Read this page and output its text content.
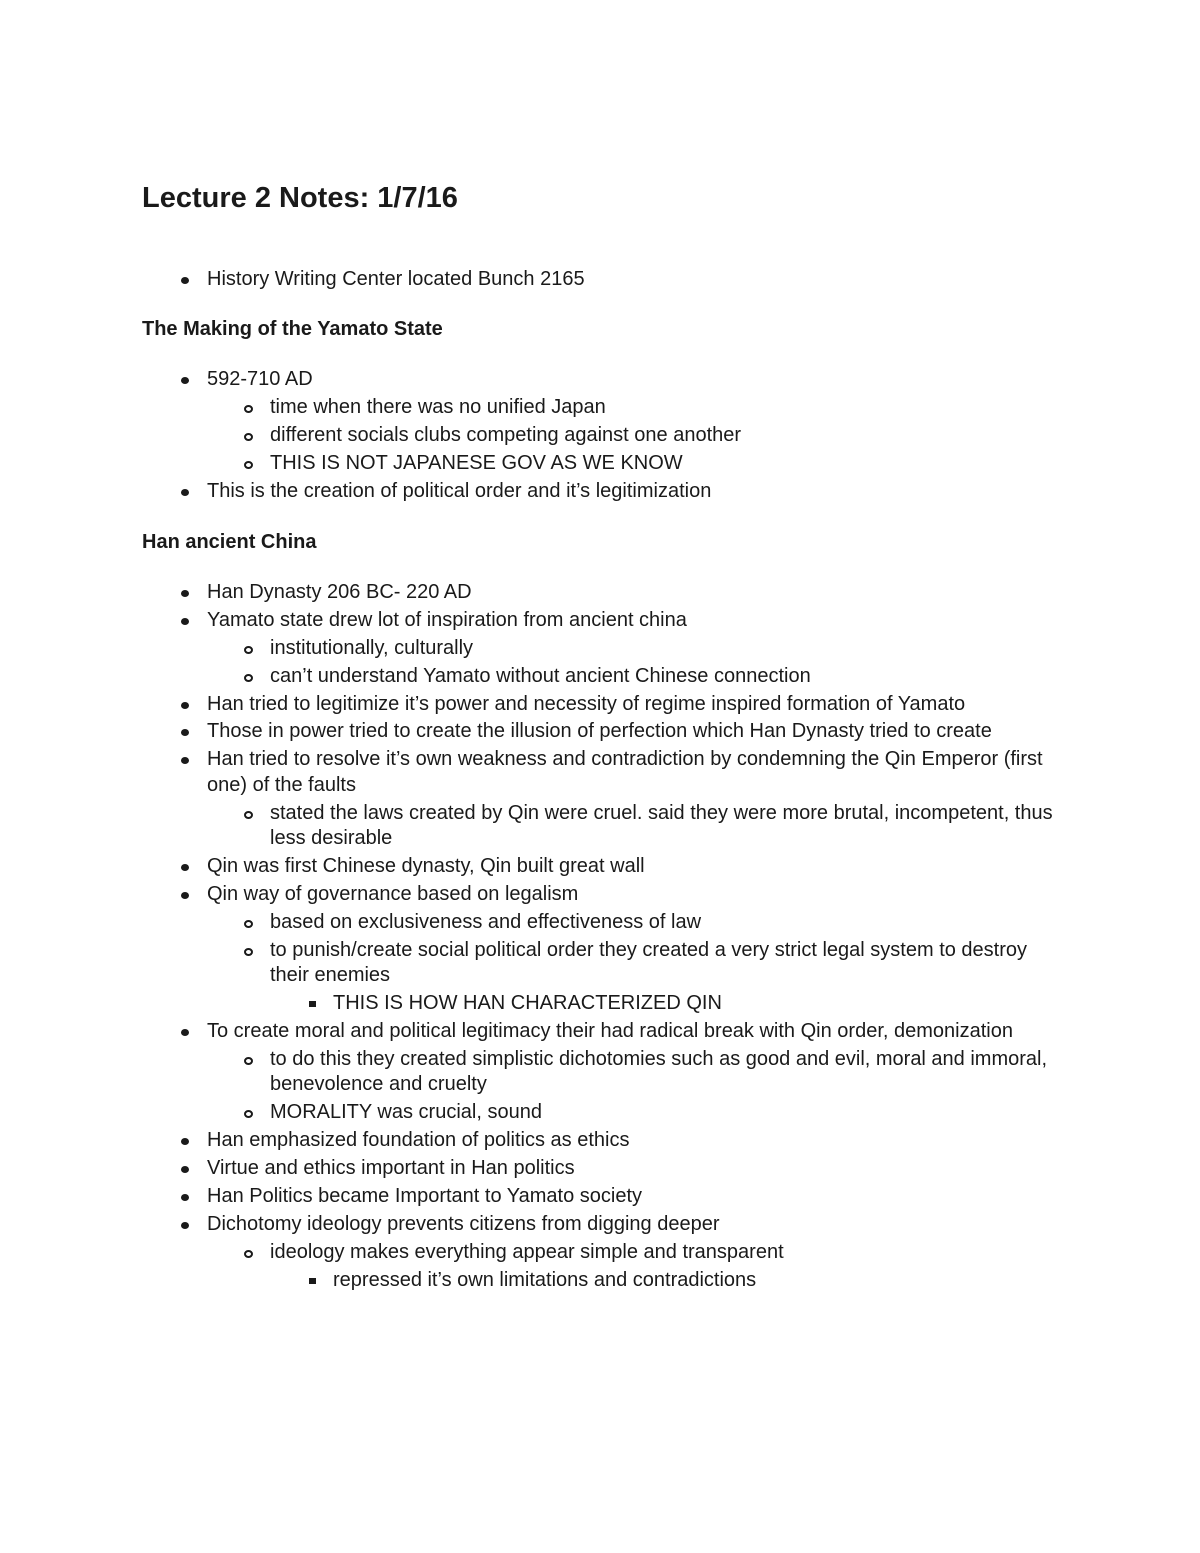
Lecture 2 Notes: 1/7/16
History Writing Center located Bunch 2165
The Making of the Yamato State
592-710 AD
time when there was no unified Japan
different socials clubs competing against one another
THIS IS NOT JAPANESE GOV AS WE KNOW
This is the creation of political order and it’s legitimization
Han ancient China
Han Dynasty 206 BC- 220 AD
Yamato state drew lot of inspiration from ancient china
institutionally, culturally
can’t understand Yamato without ancient Chinese connection
Han tried to legitimize it’s power and necessity of regime inspired formation of Yamato
Those in power tried to create the illusion of perfection which Han Dynasty tried to create
Han tried to resolve it’s own weakness and contradiction by condemning the Qin Emperor (first one) of the faults
stated the laws created by Qin were cruel. said they were more brutal, incompetent, thus less desirable
Qin was first Chinese dynasty, Qin built great wall
Qin way of governance based on legalism
based on exclusiveness and effectiveness of law
to punish/create social political order they created a very strict legal system to destroy their enemies
THIS IS HOW HAN CHARACTERIZED QIN
To create moral and political legitimacy their had radical break with Qin order, demonization
to do this they created simplistic dichotomies such as good and evil, moral and immoral, benevolence and cruelty
MORALITY was crucial, sound
Han emphasized foundation of politics as ethics
Virtue and ethics important in Han politics
Han Politics became Important to Yamato society
Dichotomy ideology prevents citizens from digging deeper
ideology makes everything appear simple and transparent
repressed it’s own limitations and contradictions
